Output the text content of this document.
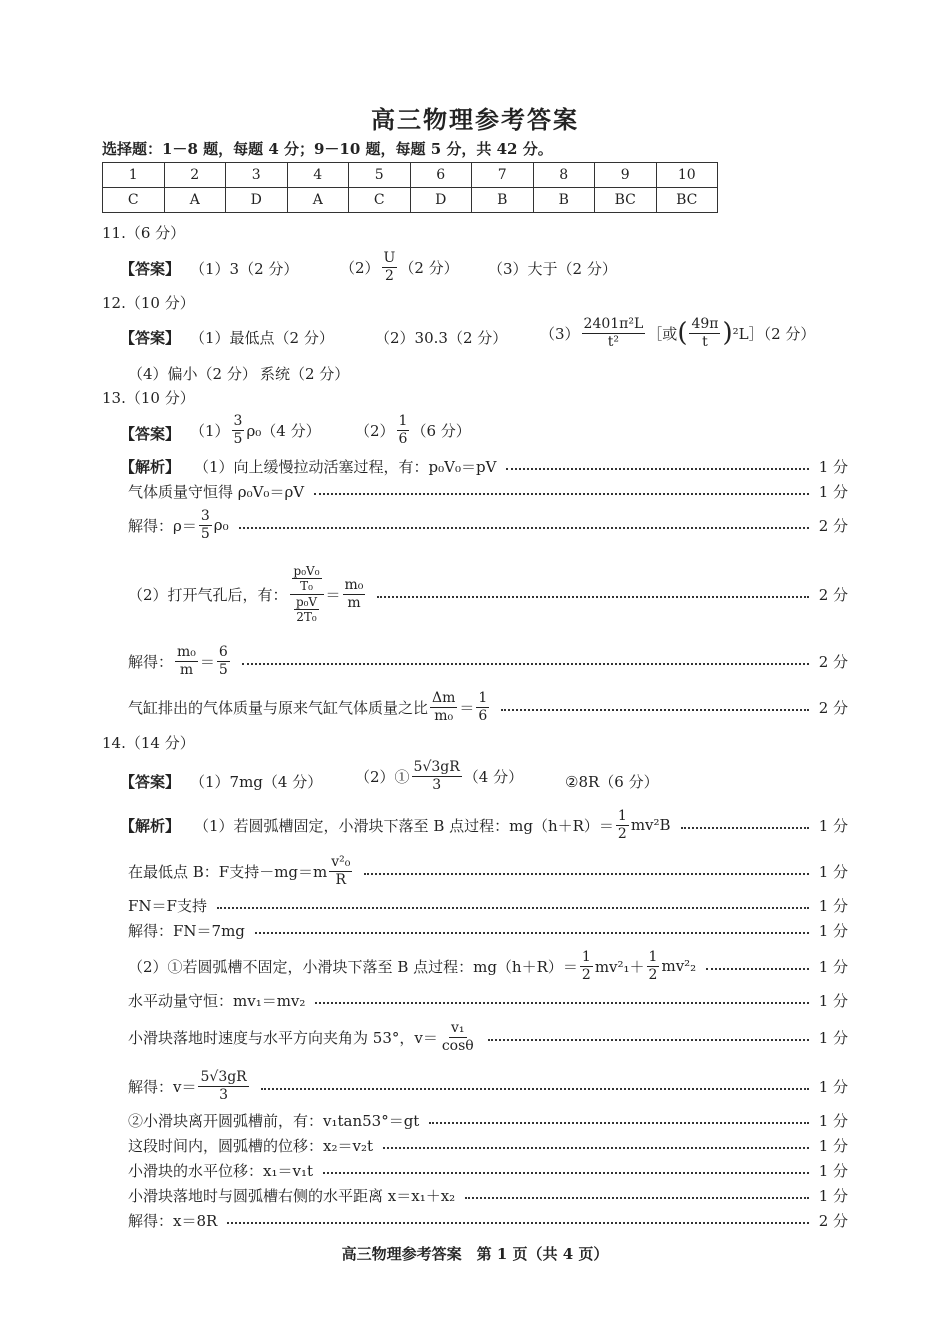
高三物理参考答案
选择题：1－8 题，每题 4 分；9－10 题，每题 5 分，共 42 分。
1	2	3	4	5	6	7	8	9	10
C	A	D	A	C	D	B	B	BC	BC
11.（6 分）
【答案】 （1）3（2 分）	$(2) \frac{U}{2} (2$ 分） （3）大于（2 分）
12.（10 分）
【答案】 （1）最低点（2 分）	（2）30.3（2 分） $(3) \frac{\text{2401π²L}}{\text{t²}}$ ［或 ( $\frac{49\pi}{t}$ ) ²L］（2 分）
（4）偏小（2 分） 系统（2 分）
13.（10 分）
【答案】 $(1) \frac{3}{5} \rho_0(4$ 分） $(2) \frac{1}{6} (6$ 分）
【解析】 （1）向上缓慢拉动活塞过程，有：p₀V₀＝pV	1 分
气体质量守恒得 ρ₀V₀＝ρV	1 分
解得：$\rho= \frac{3}{5} \rho_0$	2 分
（2）打开气孔后，有： $\frac{\frac{\text{p₀V₀}}{\text{T₀}}}{\frac{\text{p₀V}}{\text{2T₀}}} = \frac{\text{m₀}}{m}$	2 分
解得： $\frac{\text{m₀}}{m} = \frac{6}{5}$	2 分
气缸排出的气体质量与原来气缸气体质量之比 $\frac{\Delta m}{\text{m₀}} = \frac{1}{6}$	2 分
14.（14 分）
【答案】 （1）7mg（4 分） （2）① $\frac{5√3gR}{3} (4$ 分）	②8R（6 分）
【解析】 （1）若圆弧槽固定，小滑块下落至 B 点过程：$mg(h+R)= \frac{1}{2} mv^2B$	1 分
在最低点 B：F支持$-mg=m \frac{\text{v²₀}}{R}$	1 分
FN＝F支持	1 分
解得：FN＝7mg	1 分
（2）①若圆弧槽不固定，小滑块下落至 B 点过程：$mg(h+R)= \frac{1}{2} mv^2_1+ \frac{1}{2} mv^2_2$	1 分
水平动量守恒：mv₁＝mv₂	1 分
小滑块落地时速度与水平方向夹角为 53°，$v= \frac{\text{v₁}}{\cos\theta}$	1 分
解得：$v= \frac{5√3gR}{3}$	1 分
②小滑块离开圆弧槽前，有：v₁tan53°＝gt	1 分
这段时间内，圆弧槽的位移：x₂＝v₂t	1 分
小滑块的水平位移：x₁＝v₁t	1 分
小滑块落地时与圆弧槽右侧的水平距离 x＝x₁＋x₂	1 分
解得：x＝8R	2 分
高三物理参考答案　第 1 页（共 4 页）
